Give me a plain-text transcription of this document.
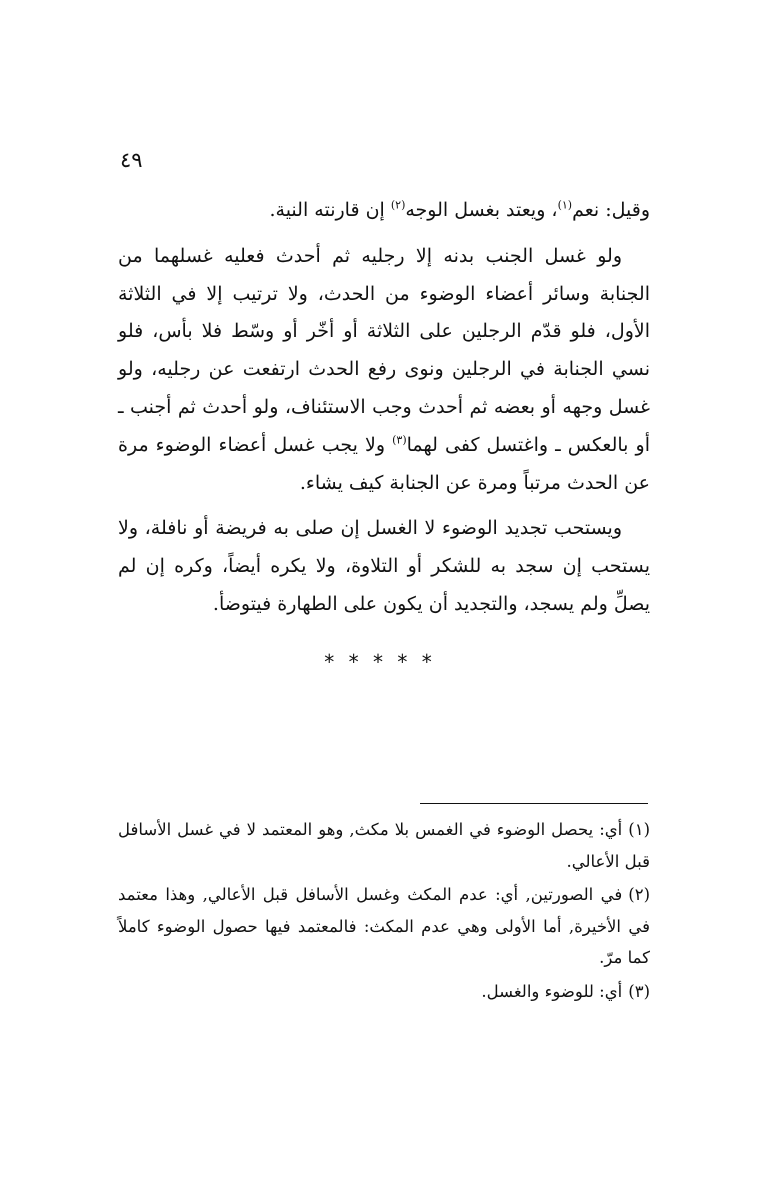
٤٩

وقيل: نعم$^{(١)}$، ويعتد بغسل الوجه$^{(٢)}$ إن قارنته النية.

ولو غسل الجنب بدنه إلا رجليه ثم أحدث فعليه غسلهما من الجنابة وسائر أعضاء الوضوء من الحدث، ولا ترتيب إلا في الثلاثة الأول، فلو قدّم الرجلين على الثلاثة أو أخّر أو وسّط فلا بأس، فلو نسي الجنابة في الرجلين ونوى رفع الحدث ارتفعت عن رجليه، ولو غسل وجهه أو بعضه ثم أحدث وجب الاستئناف، ولو أحدث ثم أجنب ـ أو بالعكس ـ واغتسل كفى لهما$^{(٣)}$ ولا يجب غسل أعضاء الوضوء مرة عن الحدث مرتباً ومرة عن الجنابة كيف يشاء.

ويستحب تجديد الوضوء لا الغسل إن صلى به فريضة أو نافلة، ولا يستحب إن سجد به للشكر أو التلاوة، ولا يكره أيضاً، وكره إن لم يصلِّ ولم يسجد، والتجديد أن يكون على الطهارة فيتوضأ.

* * * * *

(١)أي: يحصل الوضوء في الغمس بلا مكث, وهو المعتمد لا في غسل الأسافل قبل الأعالي.

(٢)في الصورتين, أي: عدم المكث وغسل الأسافل قبل الأعالي, وهذا معتمد في الأخيرة, أما الأولى وهي عدم المكث: فالمعتمد فيها حصول الوضوء كاملاً كما مرّ.

(٣)أي: للوضوء والغسل.
